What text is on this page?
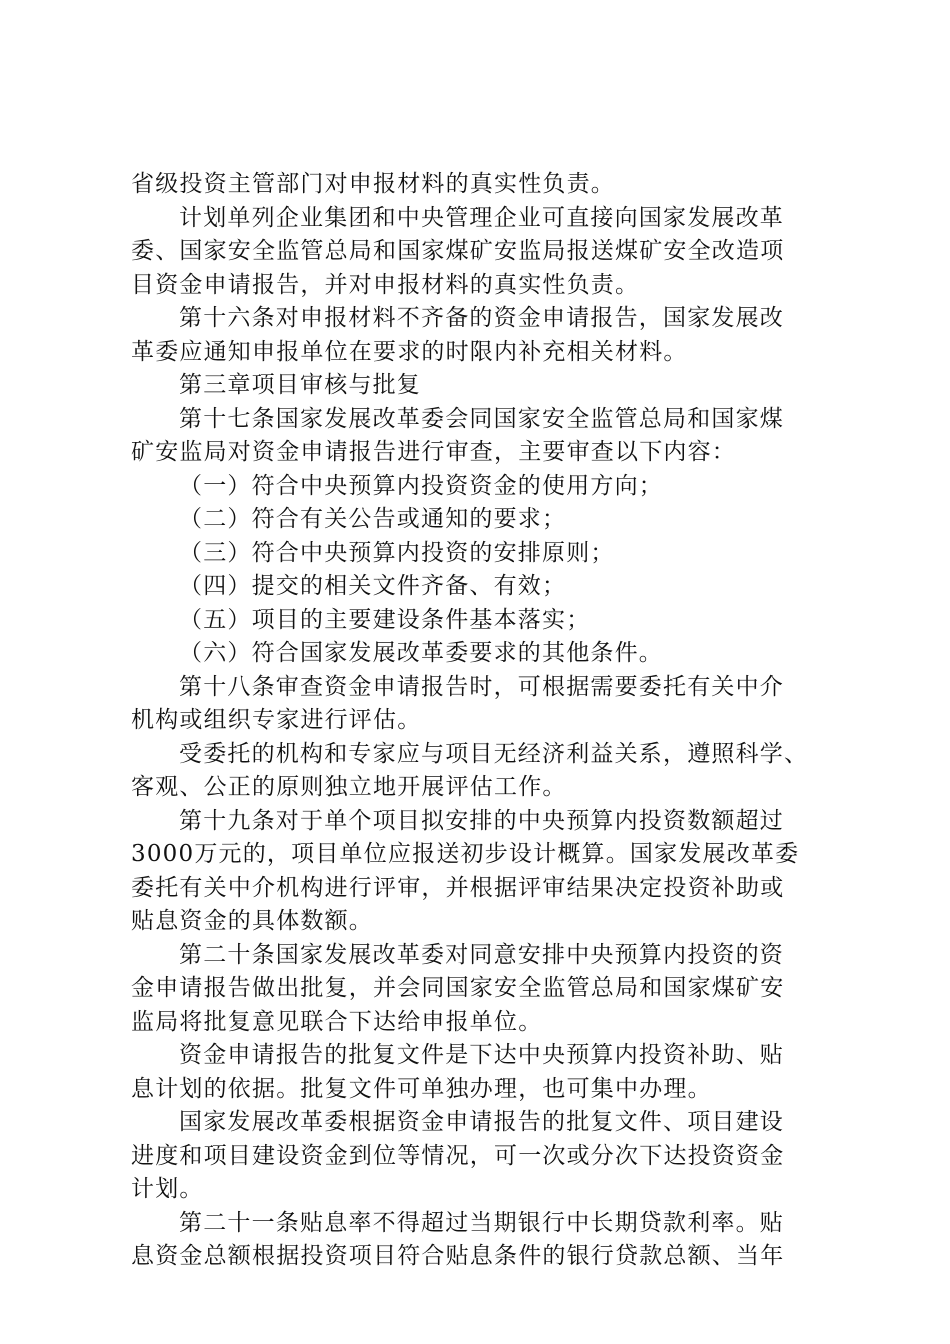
省级投资主管部门对申报材料的真实性负责。
计划单列企业集团和中央管理企业可直接向国家发展改革
委、国家安全监管总局和国家煤矿安监局报送煤矿安全改造项
目资金申请报告，并对申报材料的真实性负责。
第十六条对申报材料不齐备的资金申请报告，国家发展改
革委应通知申报单位在要求的时限内补充相关材料。
第三章项目审核与批复
第十七条国家发展改革委会同国家安全监管总局和国家煤
矿安监局对资金申请报告进行审查，主要审查以下内容：
（一）符合中央预算内投资资金的使用方向；
（二）符合有关公告或通知的要求；
（三）符合中央预算内投资的安排原则；
（四）提交的相关文件齐备、有效；
（五）项目的主要建设条件基本落实；
（六）符合国家发展改革委要求的其他条件。
第十八条审查资金申请报告时，可根据需要委托有关中介
机构或组织专家进行评估。
受委托的机构和专家应与项目无经济利益关系，遵照科学、
客观、公正的原则独立地开展评估工作。
第十九条对于单个项目拟安排的中央预算内投资数额超过
3000万元的，项目单位应报送初步设计概算。国家发展改革委
委托有关中介机构进行评审，并根据评审结果决定投资补助或
贴息资金的具体数额。
第二十条国家发展改革委对同意安排中央预算内投资的资
金申请报告做出批复，并会同国家安全监管总局和国家煤矿安
监局将批复意见联合下达给申报单位。
资金申请报告的批复文件是下达中央预算内投资补助、贴
息计划的依据。批复文件可单独办理，也可集中办理。
国家发展改革委根据资金申请报告的批复文件、项目建设
进度和项目建设资金到位等情况，可一次或分次下达投资资金
计划。
第二十一条贴息率不得超过当期银行中长期贷款利率。贴
息资金总额根据投资项目符合贴息条件的银行贷款总额、当年
